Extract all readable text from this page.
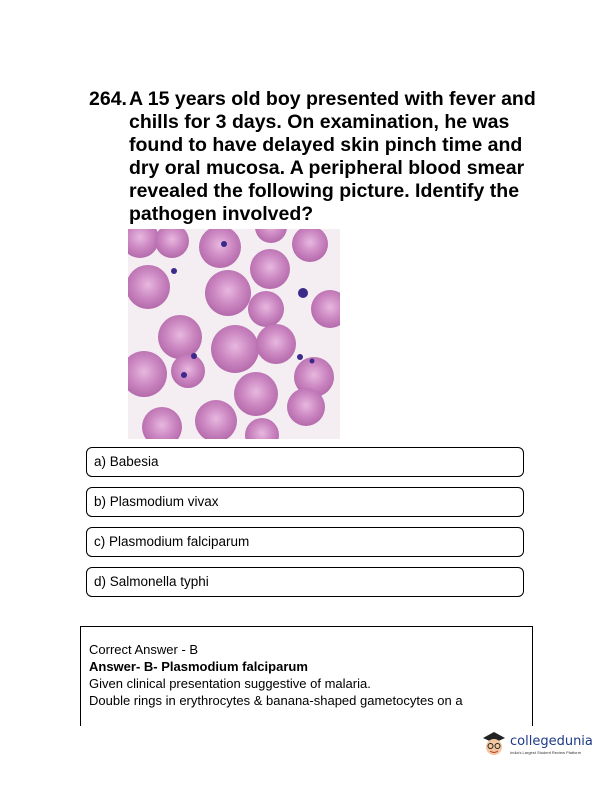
264. A 15 years old boy presented with fever and chills for 3 days. On examination, he was found to have delayed skin pinch time and dry oral mucosa. A peripheral blood smear revealed the following picture. Identify the pathogen involved?
a) Babesia
b) Plasmodium vivax
c) Plasmodium falciparum
d) Salmonella typhi
Correct Answer - B
Answer- B- Plasmodium falciparum
Given clinical presentation suggestive of malaria.
Double rings in erythrocytes & banana-shaped gametocytes on a
collegedunia
India's Largest Student Review Platform
